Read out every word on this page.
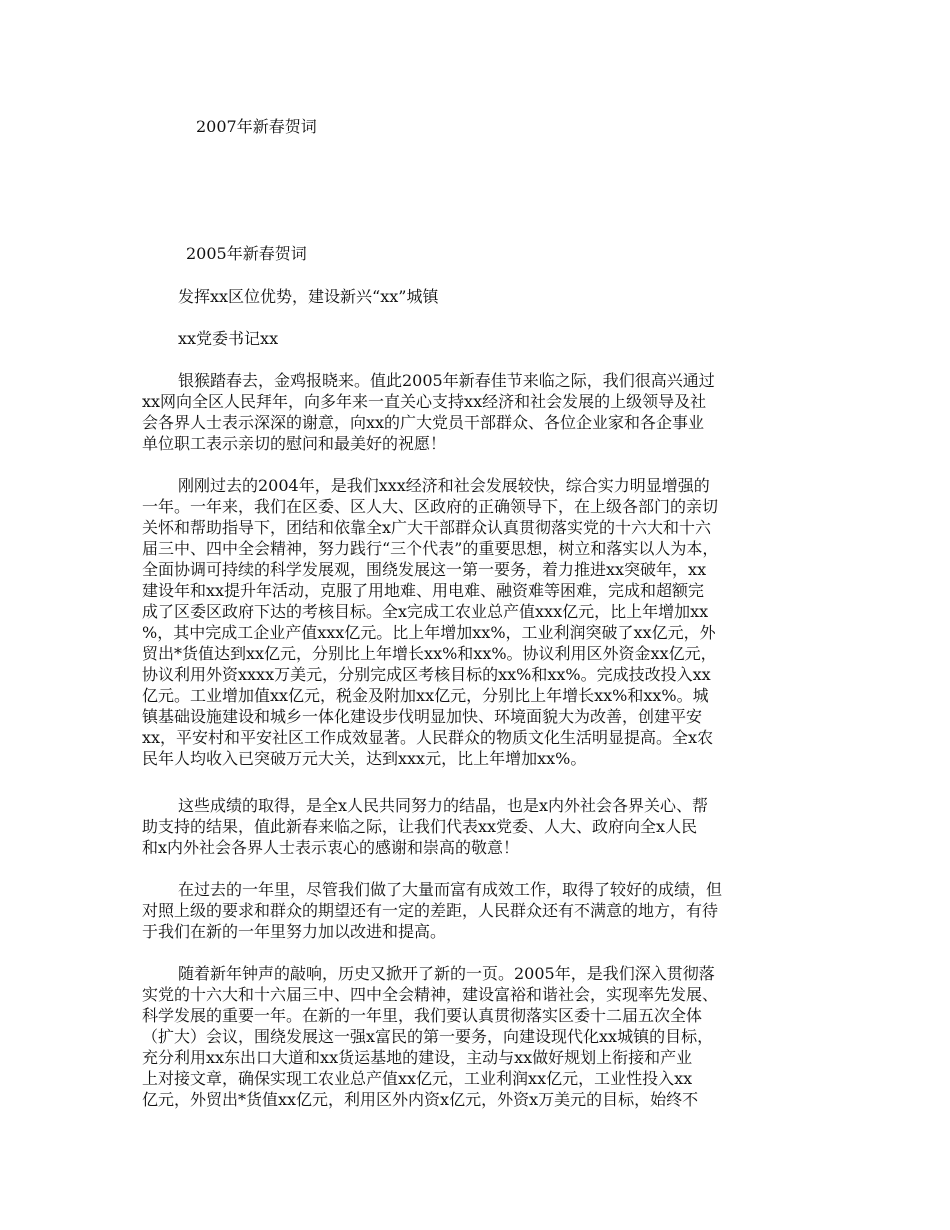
2007年新春贺词
2005年新春贺词
发挥xx区位优势，建设新兴“xx”城镇
xx党委书记xx
银猴踏春去，金鸡报晓来。值此2005年新春佳节来临之际，我们很高兴通过
xx网向全区人民拜年，向多年来一直关心支持xx经济和社会发展的上级领导及社
会各界人士表示深深的谢意，向xx的广大党员干部群众、各位企业家和各企事业
单位职工表示亲切的慰问和最美好的祝愿！
刚刚过去的2004年，是我们xxx经济和社会发展较快，综合实力明显增强的
一年。一年来，我们在区委、区人大、区政府的正确领导下，在上级各部门的亲切
关怀和帮助指导下，团结和依靠全x广大干部群众认真贯彻落实党的十六大和十六
届三中、四中全会精神，努力践行“三个代表”的重要思想，树立和落实以人为本，
全面协调可持续的科学发展观，围绕发展这一第一要务，着力推进xx突破年，xx
建设年和xx提升年活动，克服了用地难、用电难、融资难等困难，完成和超额完
成了区委区政府下达的考核目标。全x完成工农业总产值xxx亿元，比上年增加xx
%，其中完成工企业产值xxx亿元。比上年增加xx%，工业利润突破了xx亿元，外
贸出*货值达到xx亿元，分别比上年增长xx%和xx%。协议利用区外资金xx亿元，
协议利用外资xxxx万美元，分别完成区考核目标的xx%和xx%。完成技改投入xx
亿元。工业增加值xx亿元，税金及附加xx亿元，分别比上年增长xx%和xx%。城
镇基础设施建设和城乡一体化建设步伐明显加快、环境面貌大为改善，创建平安
xx，平安村和平安社区工作成效显著。人民群众的物质文化生活明显提高。全x农
民年人均收入已突破万元大关，达到xxx元，比上年增加xx%。
这些成绩的取得，是全x人民共同努力的结晶，也是x内外社会各界关心、帮
助支持的结果，值此新春来临之际，让我们代表xx党委、人大、政府向全x人民
和x内外社会各界人士表示衷心的感谢和崇高的敬意！
在过去的一年里，尽管我们做了大量而富有成效工作，取得了较好的成绩，但
对照上级的要求和群众的期望还有一定的差距，人民群众还有不满意的地方，有待
于我们在新的一年里努力加以改进和提高。
随着新年钟声的敲响，历史又掀开了新的一页。2005年，是我们深入贯彻落
实党的十六大和十六届三中、四中全会精神，建设富裕和谐社会，实现率先发展、
科学发展的重要一年。在新的一年里，我们要认真贯彻落实区委十二届五次全体
（扩大）会议，围绕发展这一强x富民的第一要务，向建设现代化xx城镇的目标，
充分利用xx东出口大道和xx货运基地的建设，主动与xx做好规划上衔接和产业
上对接文章，确保实现工农业总产值xx亿元，工业利润xx亿元，工业性投入xx
亿元，外贸出*货值xx亿元，利用区外内资x亿元，外资x万美元的目标，始终不
